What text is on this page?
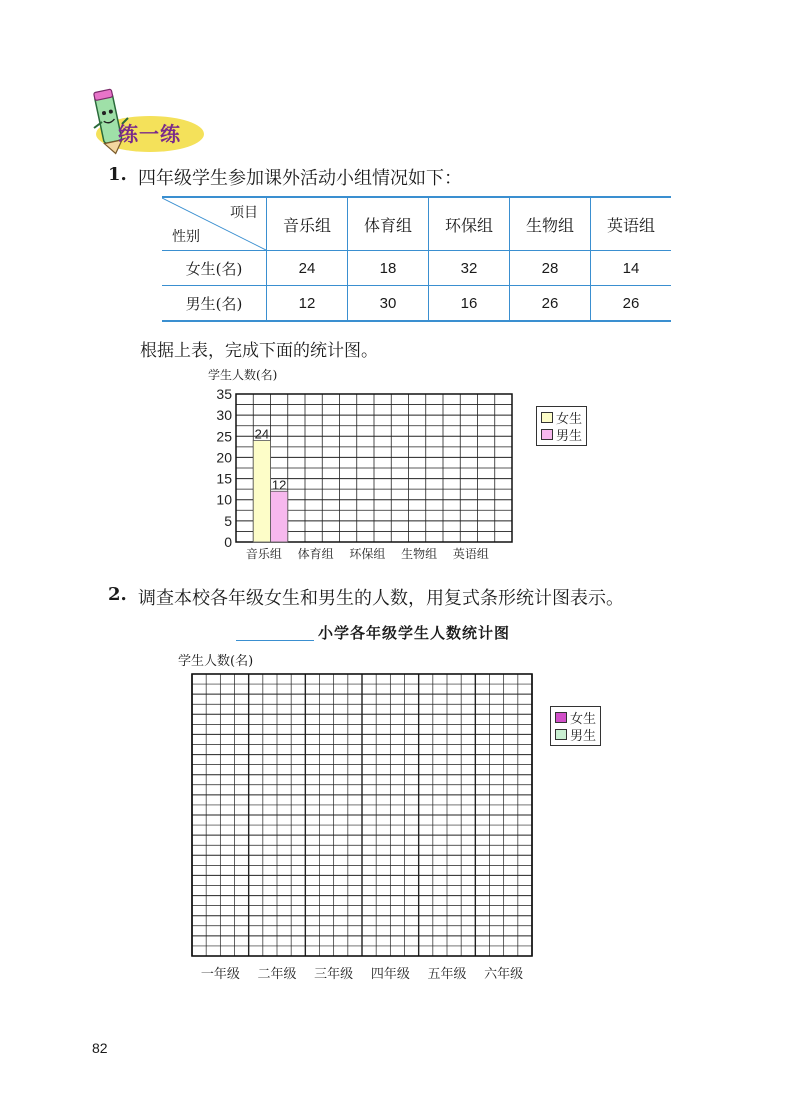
练一练
1. 四年级学生参加课外活动小组情况如下：
项目
性别	音乐组	体育组	环保组	生物组	英语组
女生(名)	24	18	32	28	14
男生(名)	12	30	16	26	26
根据上表，完成下面的统计图。
学生人数(名)
0
5
10
15
20
25
30
35
音乐组 体育组 环保组 生物组 英语组
24
12
女生
男生
2. 调查本校各年级女生和男生的人数，用复式条形统计图表示。
小学各年级学生人数统计图
学生人数(名)
一年级 二年级 三年级 四年级 五年级 六年级
女生
男生
82
